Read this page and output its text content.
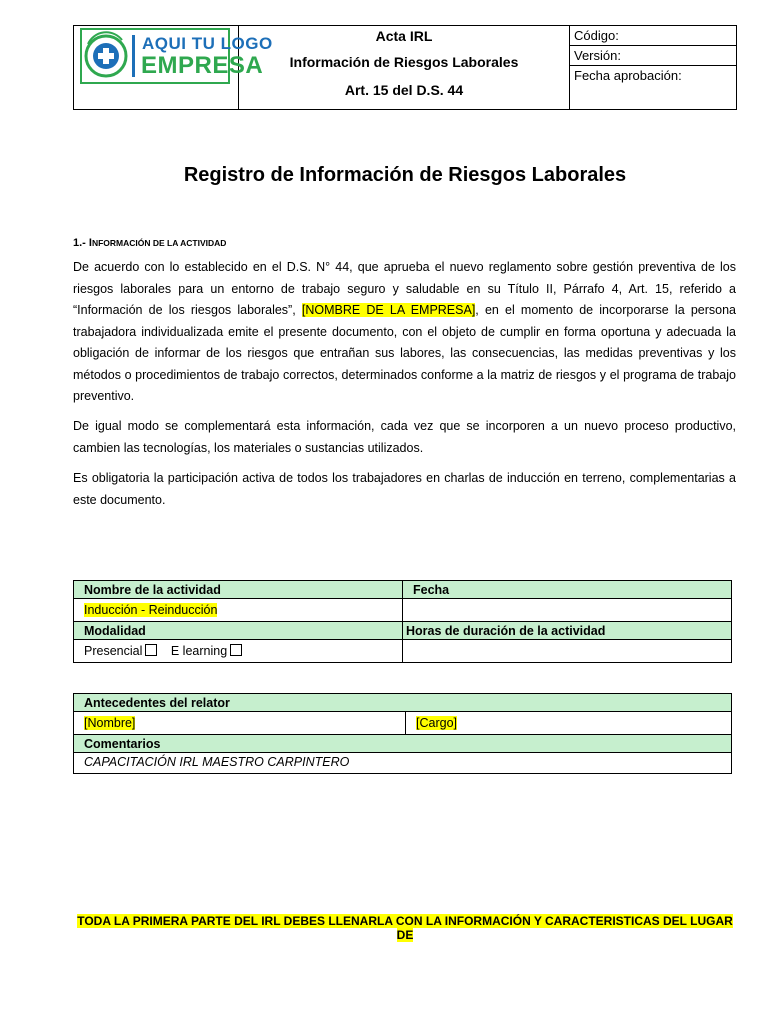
AQUI TU LOGO
EMPRESA

Acta IRL
Información de Riesgos Laborales
Art. 15 del D.S. 44

Código:
Versión:
Fecha aprobación:
Registro de Información de Riesgos Laborales
1.- INFORMACIÓN DE LA ACTIVIDAD

De acuerdo con lo establecido en el D.S. N° 44, que aprueba el nuevo reglamento sobre gestión preventiva de los riesgos laborales para un entorno de trabajo seguro y saludable en su Título II, Párrafo 4, Art. 15, referido a “Información de los riesgos laborales”, [NOMBRE DE LA EMPRESA], en el momento de incorporarse la persona trabajadora individualizada emite el presente documento, con el objeto de cumplir en forma oportuna y adecuada la obligación de informar de los riesgos que entrañan sus labores, las consecuencias, las medidas preventivas y los métodos o procedimientos de trabajo correctos, determinados conforme a la matriz de riesgos y el programa de trabajo preventivo.

De igual modo se complementará esta información, cada vez que se incorporen a un nuevo proceso productivo, cambien las tecnologías, los materiales o sustancias utilizados.

Es obligatoria la participación activa de todos los trabajadores en charlas de inducción en terreno, complementarias a este documento.

Nombre de la actividad	Fecha
Inducción - Reinducción	
Modalidad	Horas de duración de la actividad
Presencial E learning	
Antecedentes del relator
[Nombre]	[Cargo]
Comentarios
CAPACITACIÓN IRL MAESTRO CARPINTERO
TODA LA PRIMERA PARTE DEL IRL DEBES LLENARLA CON LA INFORMACIÓN Y CARACTERISTICAS DEL LUGAR DE
